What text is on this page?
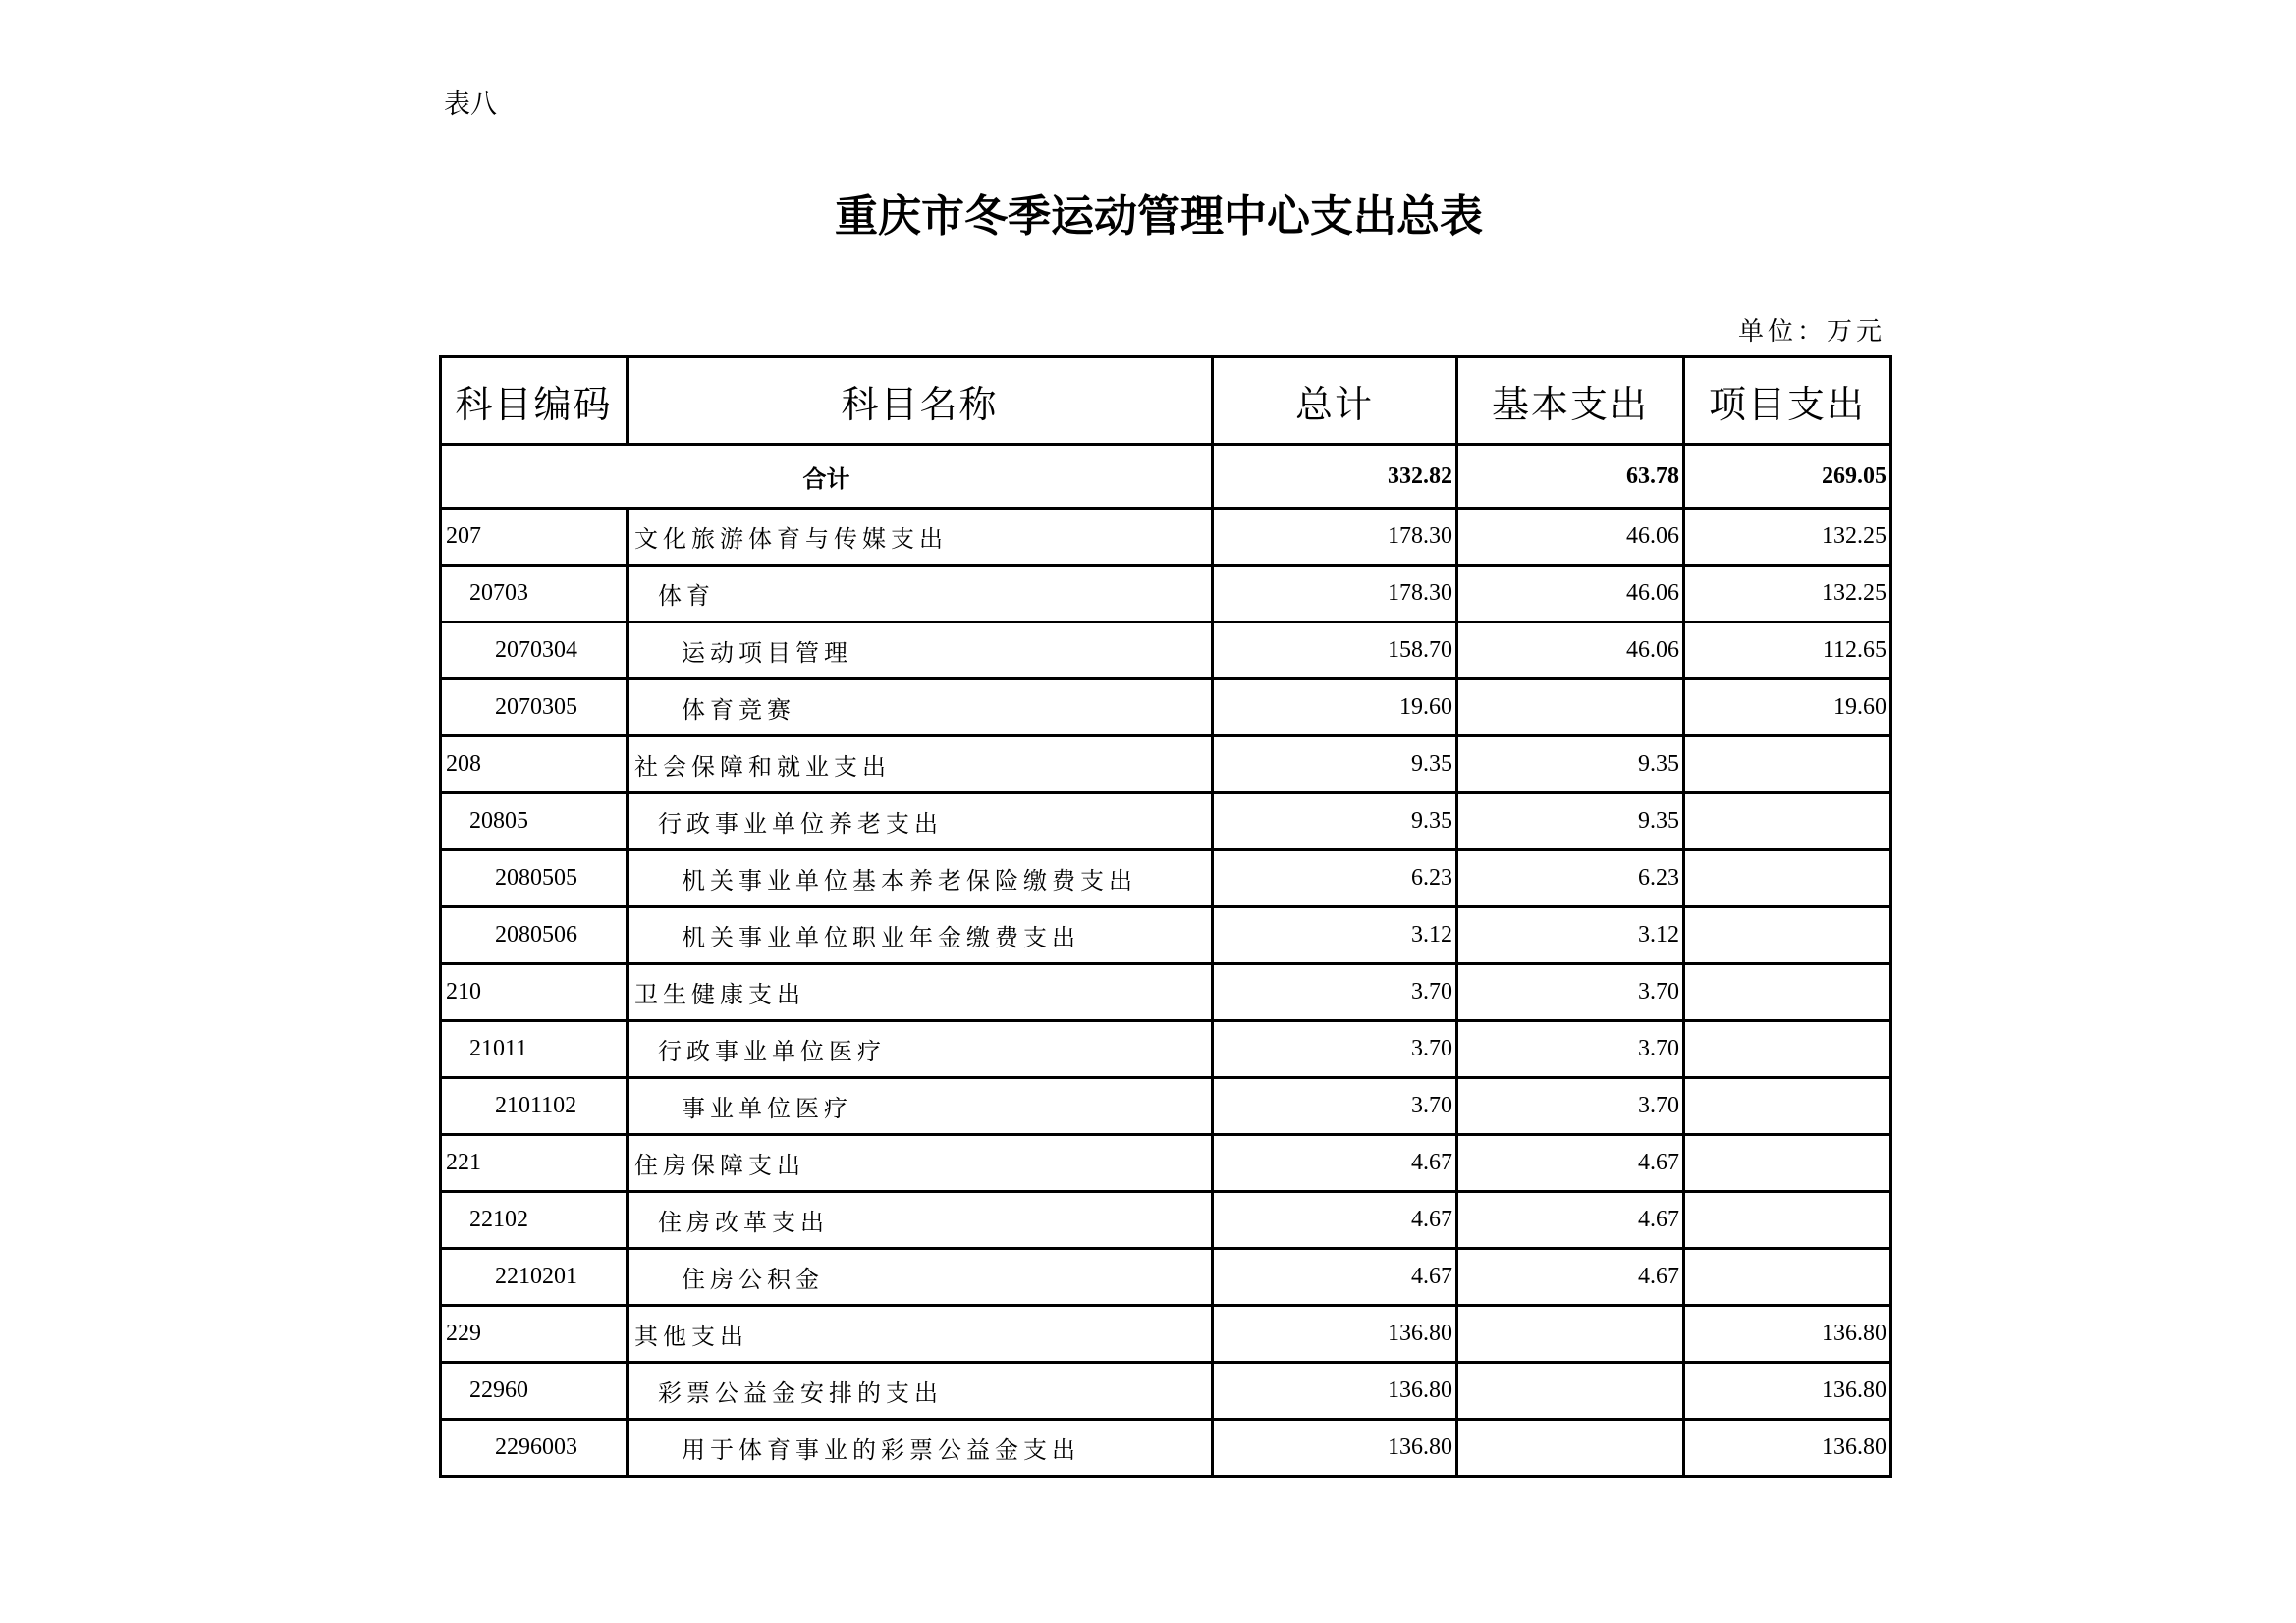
表八
重庆市冬季运动管理中心支出总表
单位：万元
科目编码	科目名称	总计	基本支出	项目支出
合计		332.82	63.78	269.05
207	文化旅游体育与传媒支出	178.30	46.06	132.25
20703	体育	178.30	46.06	132.25
2070304	运动项目管理	158.70	46.06	112.65
2070305	体育竞赛	19.60		19.60
208	社会保障和就业支出	9.35	9.35	
20805	行政事业单位养老支出	9.35	9.35	
2080505	机关事业单位基本养老保险缴费支出	6.23	6.23	
2080506	机关事业单位职业年金缴费支出	3.12	3.12	
210	卫生健康支出	3.70	3.70	
21011	行政事业单位医疗	3.70	3.70	
2101102	事业单位医疗	3.70	3.70	
221	住房保障支出	4.67	4.67	
22102	住房改革支出	4.67	4.67	
2210201	住房公积金	4.67	4.67	
229	其他支出	136.80		136.80
22960	彩票公益金安排的支出	136.80		136.80
2296003	用于体育事业的彩票公益金支出	136.80		136.80
